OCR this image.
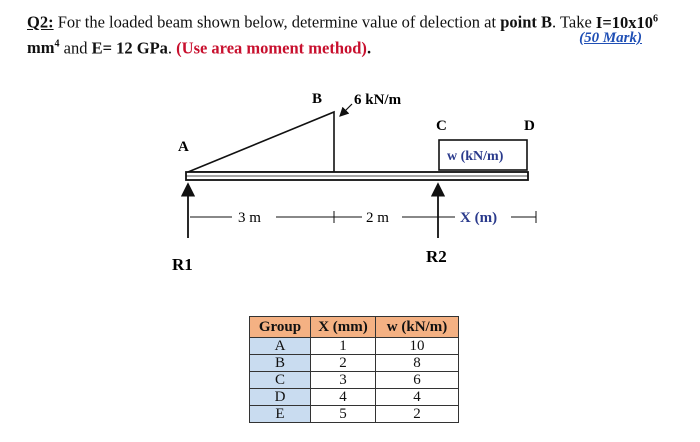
Q2: For the loaded beam shown below, determine value of delection at point B. Take $I=10x10^6$
$mm^4$ and E= 12 GPa. (Use area moment method).	(50 Mark)
A
B
C	D
6 kN/m
w (kN/m)
3 m	2 m	X (m)
R1	R2
Group	X (mm)	w (kN/m)
A	1	10
B	2	8
C	3	6
D	4	4
E	5	2
